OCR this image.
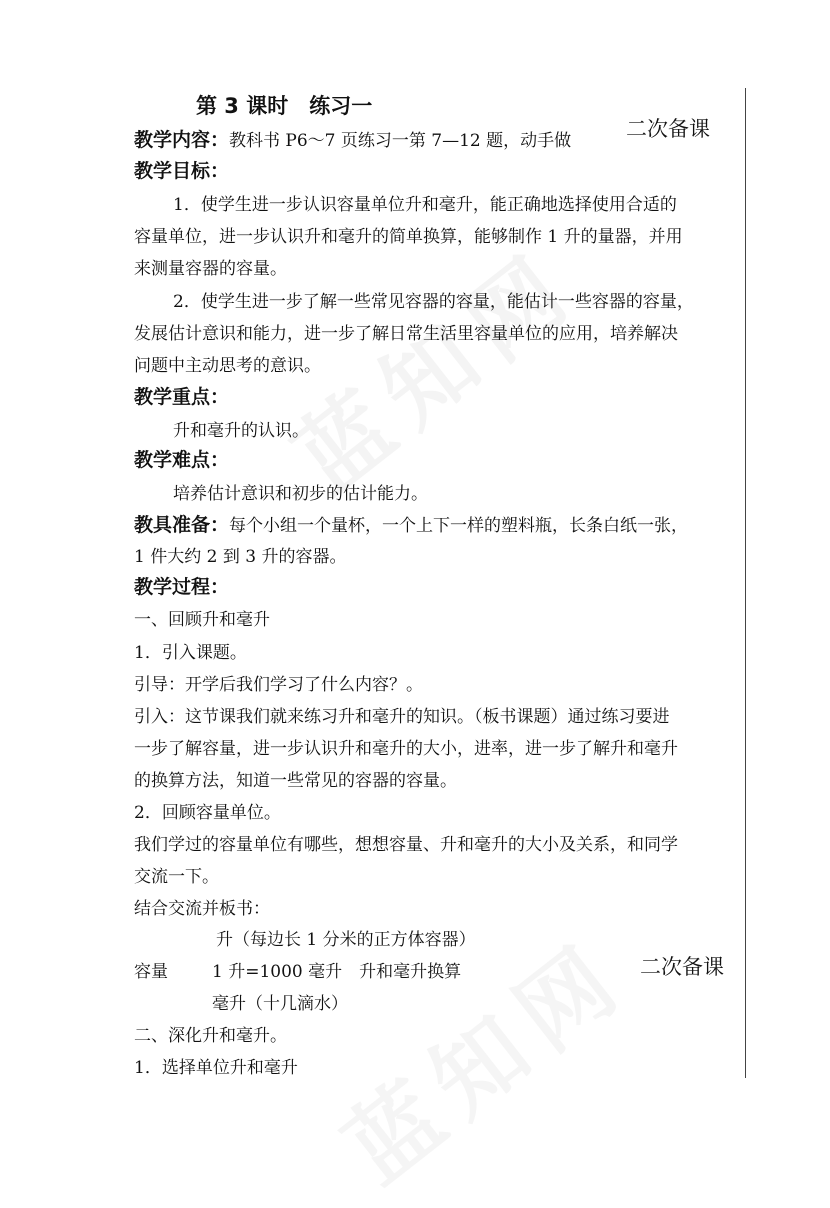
二次备课
二次备课
第 3 课时　练习一
教学内容：教科书 P6～7 页练习一第 7—12 题，动手做
教学目标：
1．使学生进一步认识容量单位升和毫升，能正确地选择使用合适的
容量单位，进一步认识升和毫升的简单换算，能够制作 1 升的量器，并用
来测量容器的容量。
2．使学生进一步了解一些常见容器的容量，能估计一些容器的容量，
发展估计意识和能力，进一步了解日常生活里容量单位的应用，培养解决
问题中主动思考的意识。
教学重点：
升和毫升的认识。
教学难点：
培养估计意识和初步的估计能力。
教具准备：每个小组一个量杯，一个上下一样的塑料瓶，长条白纸一张，
1 件大约 2 到 3 升的容器。
教学过程：
一、回顾升和毫升
1．引入课题。
引导：开学后我们学习了什么内容？。
引入：这节课我们就来练习升和毫升的知识。（板书课题）通过练习要进
一步了解容量，进一步认识升和毫升的大小，进率，进一步了解升和毫升
的换算方法，知道一些常见的容器的容量。
2．回顾容量单位。
我们学过的容量单位有哪些，想想容量、升和毫升的大小及关系，和同学
交流一下。
结合交流并板书：
升（每边长 1 分米的正方体容器）
容量	1 升=1000 毫升　升和毫升换算
毫升（十几滴水）
二、深化升和毫升。
1．选择单位升和毫升
